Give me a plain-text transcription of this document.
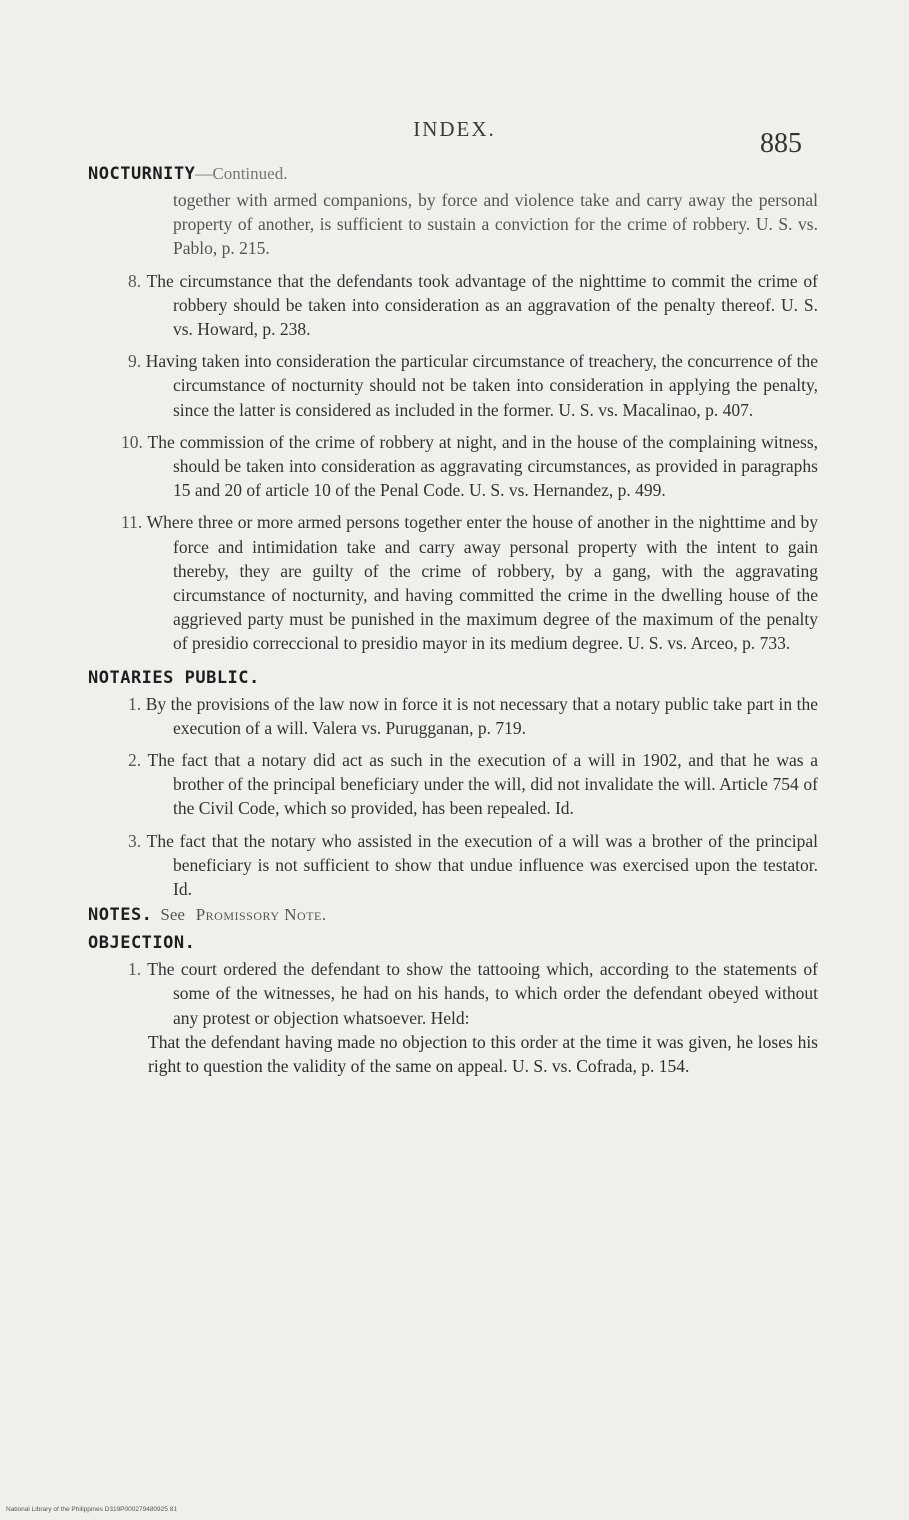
INDEX.	885
NOCTURNITY—Continued.

together with armed companions, by force and violence take and carry away the personal property of another, is sufficient to sustain a conviction for the crime of robbery. U. S. vs. Pablo, p. 215.

8. The circumstance that the defendants took advantage of the nighttime to commit the crime of robbery should be taken into consideration as an aggravation of the penalty thereof. U. S. vs. Howard, p. 238.

9. Having taken into consideration the particular circumstance of treachery, the concurrence of the circumstance of nocturnity should not be taken into consideration in applying the penalty, since the latter is considered as included in the former. U. S. vs. Macalinao, p. 407.

10. The commission of the crime of robbery at night, and in the house of the complaining witness, should be taken into consideration as aggravating circumstances, as provided in paragraphs 15 and 20 of article 10 of the Penal Code. U. S. vs. Hernandez, p. 499.

11. Where three or more armed persons together enter the house of another in the nighttime and by force and intimidation take and carry away personal property with the intent to gain thereby, they are guilty of the crime of robbery, by a gang, with the aggravating circumstance of nocturnity, and having committed the crime in the dwelling house of the aggrieved party must be punished in the maximum degree of the maximum of the penalty of presidio correccional to presidio mayor in its medium degree. U. S. vs. Arceo, p. 733.

NOTARIES PUBLIC.

1. By the provisions of the law now in force it is not necessary that a notary public take part in the execution of a will. Valera vs. Purugganan, p. 719.

2. The fact that a notary did act as such in the execution of a will in 1902, and that he was a brother of the principal beneficiary under the will, did not invalidate the will. Article 754 of the Civil Code, which so provided, has been repealed. Id.

3. The fact that the notary who assisted in the execution of a will was a brother of the principal beneficiary is not sufficient to show that undue influence was exercised upon the testator. Id.

NOTES. See Promissory Note.
OBJECTION.

1. The court ordered the defendant to show the tattooing which, according to the statements of some of the witnesses, he had on his hands, to which order the defendant obeyed without any protest or objection whatsoever. Held:

That the defendant having made no objection to this order at the time it was given, he loses his right to question the validity of the same on appeal. U. S. vs. Cofrada, p. 154.

National Library of the Philippines D319P000279480925 81
